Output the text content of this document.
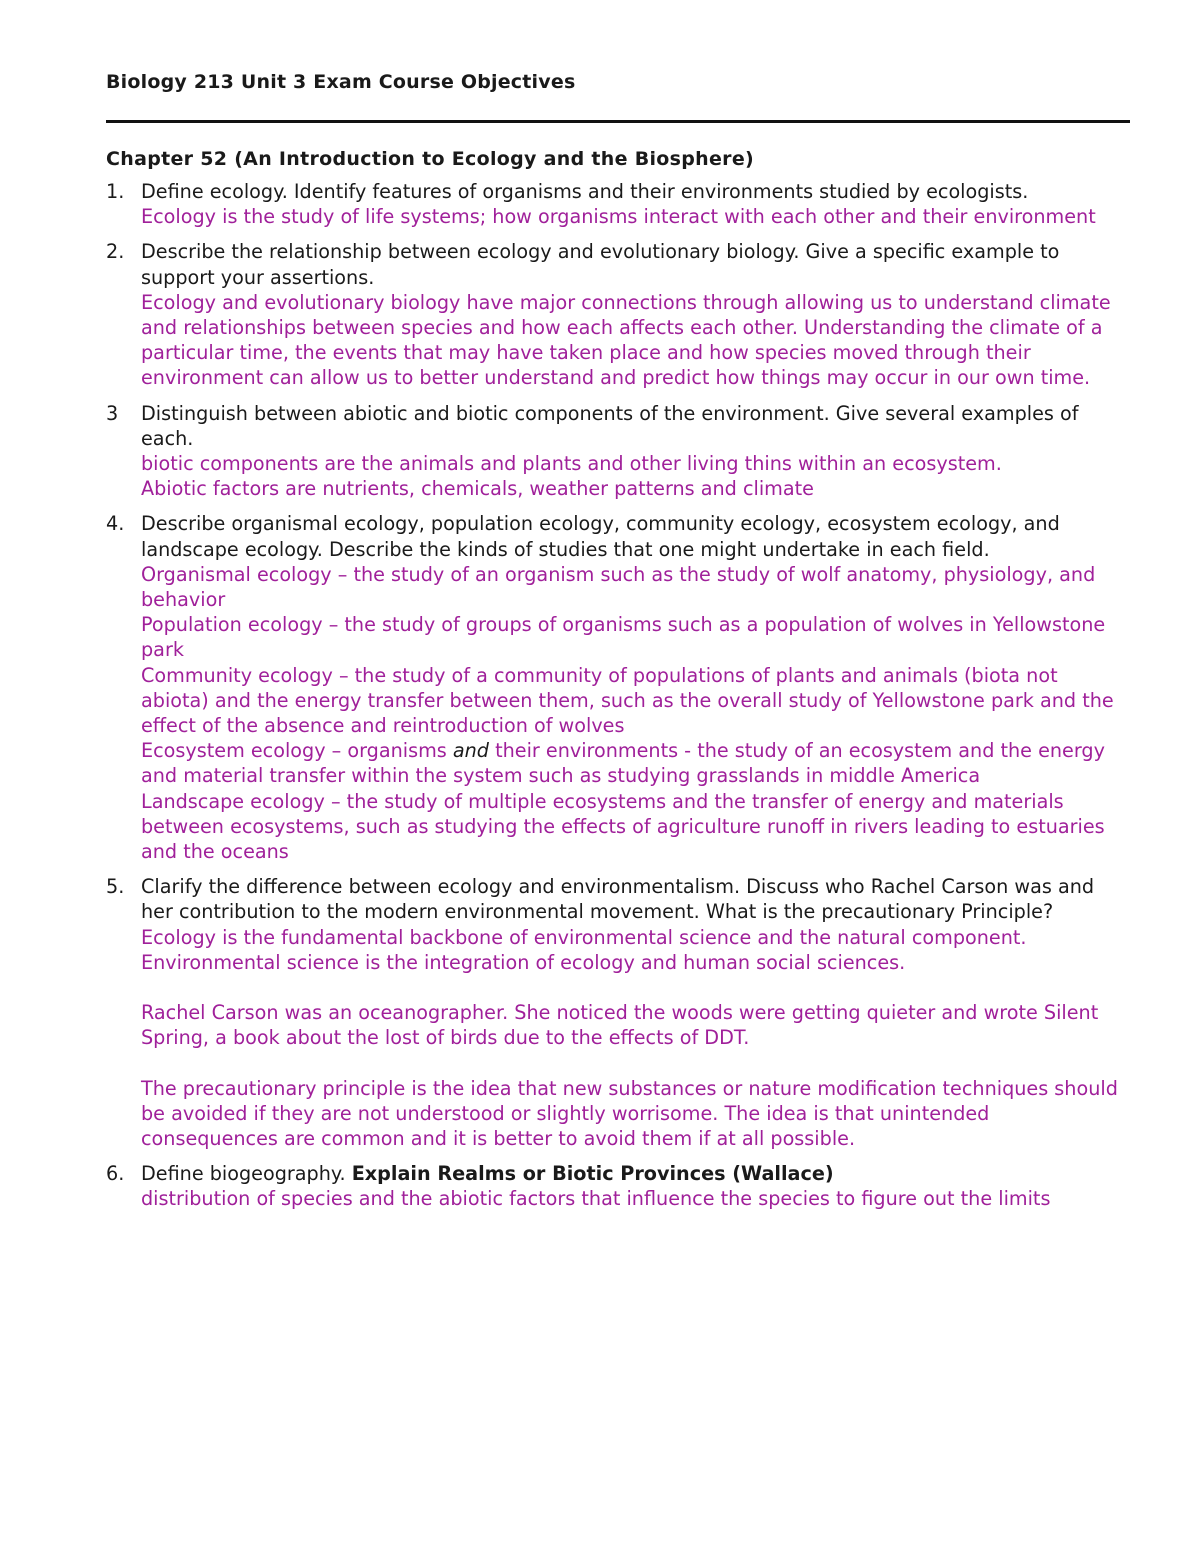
Biology 213 Unit 3 Exam Course Objectives
Chapter 52 (An Introduction to Ecology and the Biosphere)
1. Define ecology. Identify features of organisms and their environments studied by ecologists.
Ecology is the study of life systems; how organisms interact with each other and their environment
2. Describe the relationship between ecology and evolutionary biology. Give a specific example to support your assertions.
Ecology and evolutionary biology have major connections through allowing us to understand climate and relationships between species and how each affects each other. Understanding the climate of a particular time, the events that may have taken place and how species moved through their environment can allow us to better understand and predict how things may occur in our own time.
3 Distinguish between abiotic and biotic components of the environment. Give several examples of each.
biotic components are the animals and plants and other living thins within an ecosystem.
Abiotic factors are nutrients, chemicals, weather patterns and climate
4. Describe organismal ecology, population ecology, community ecology, ecosystem ecology, and landscape ecology. Describe the kinds of studies that one might undertake in each field.
Organismal ecology – the study of an organism such as the study of wolf anatomy, physiology, and behavior
Population ecology – the study of groups of organisms such as a population of wolves in Yellowstone park
Community ecology – the study of a community of populations of plants and animals (biota not abiota) and the energy transfer between them, such as the overall study of Yellowstone park and the effect of the absence and reintroduction of wolves
Ecosystem ecology – organisms and their environments - the study of an ecosystem and the energy and material transfer within the system such as studying grasslands in middle America
Landscape ecology – the study of multiple ecosystems and the transfer of energy and materials between ecosystems, such as studying the effects of agriculture runoff in rivers leading to estuaries and the oceans
5. Clarify the difference between ecology and environmentalism. Discuss who Rachel Carson was and her contribution to the modern environmental movement. What is the precautionary Principle?
Ecology is the fundamental backbone of environmental science and the natural component. Environmental science is the integration of ecology and human social sciences.
Rachel Carson was an oceanographer. She noticed the woods were getting quieter and wrote Silent Spring, a book about the lost of birds due to the effects of DDT.
The precautionary principle is the idea that new substances or nature modification techniques should be avoided if they are not understood or slightly worrisome. The idea is that unintended consequences are common and it is better to avoid them if at all possible.
6. Define biogeography. Explain Realms or Biotic Provinces (Wallace)
distribution of species and the abiotic factors that influence the species to figure out the limits
